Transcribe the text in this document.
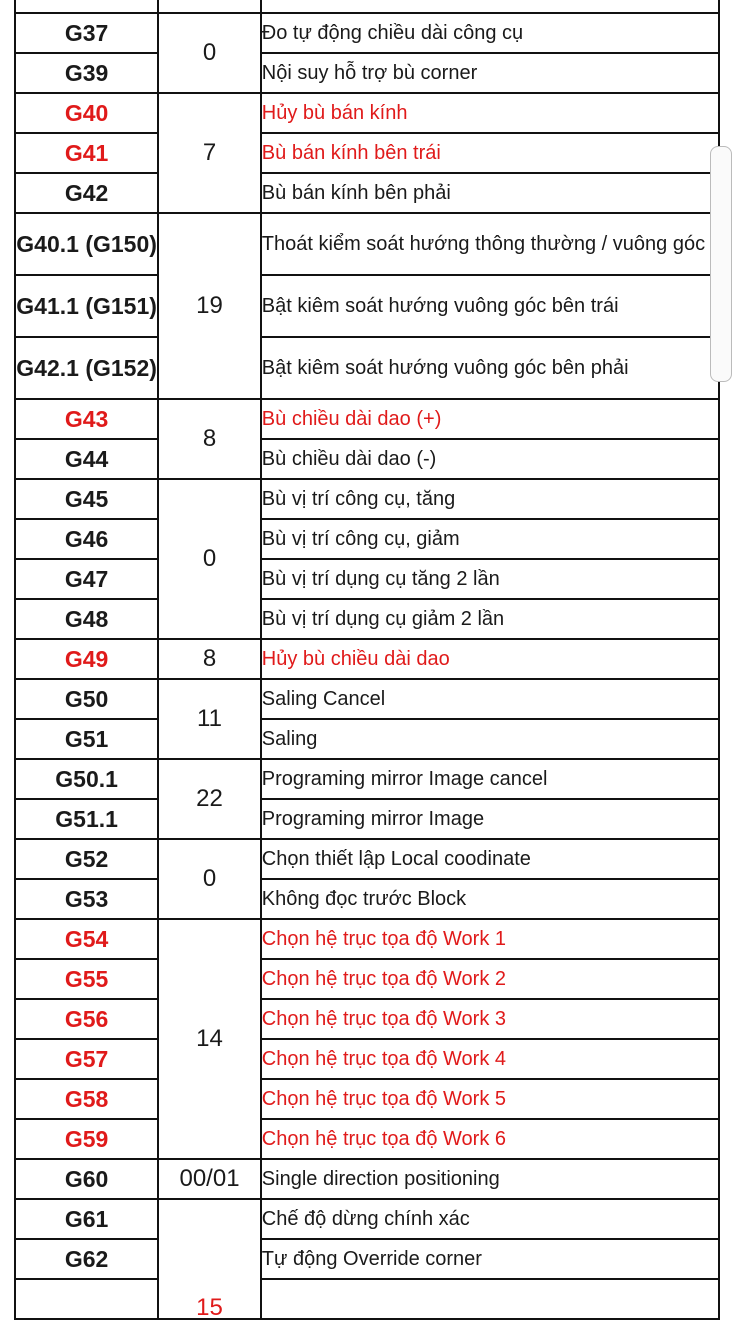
G37	0	Đo tự động chiều dài công cụ
G39		Nội suy hỗ trợ bù corner
G40	7	Hủy bù bán kính
G41		Bù bán kính bên trái
G42		Bù bán kính bên phải
G40.1 (G150)	19	Thoát kiểm soát hướng thông thường / vuông góc
G41.1 (G151)		Bật kiêm soát hướng vuông góc bên trái
G42.1 (G152)		Bật kiêm soát hướng vuông góc bên phải
G43	8	Bù chiều dài dao (+)
G44		Bù chiều dài dao (-)
G45	0	Bù vị trí công cụ, tăng
G46		Bù vị trí công cụ, giảm
G47		Bù vị trí dụng cụ tăng 2 lần
G48		Bù vị trí dụng cụ giảm 2 lần
G49	8	Hủy bù chiều dài dao
G50	11	Saling Cancel
G51		Saling
G50.1	22	Programing mirror Image cancel
G51.1		Programing mirror Image
G52	0	Chọn thiết lập Local coodinate
G53		Không đọc trước Block
G54	14	Chọn hệ trục tọa độ Work 1
G55		Chọn hệ trục tọa độ Work 2
G56		Chọn hệ trục tọa độ Work 3
G57		Chọn hệ trục tọa độ Work 4
G58		Chọn hệ trục tọa độ Work 5
G59		Chọn hệ trục tọa độ Work 6
G60	00/01	Single direction positioning
G61	15	Chế độ dừng chính xác
G62		Tự động Override corner
